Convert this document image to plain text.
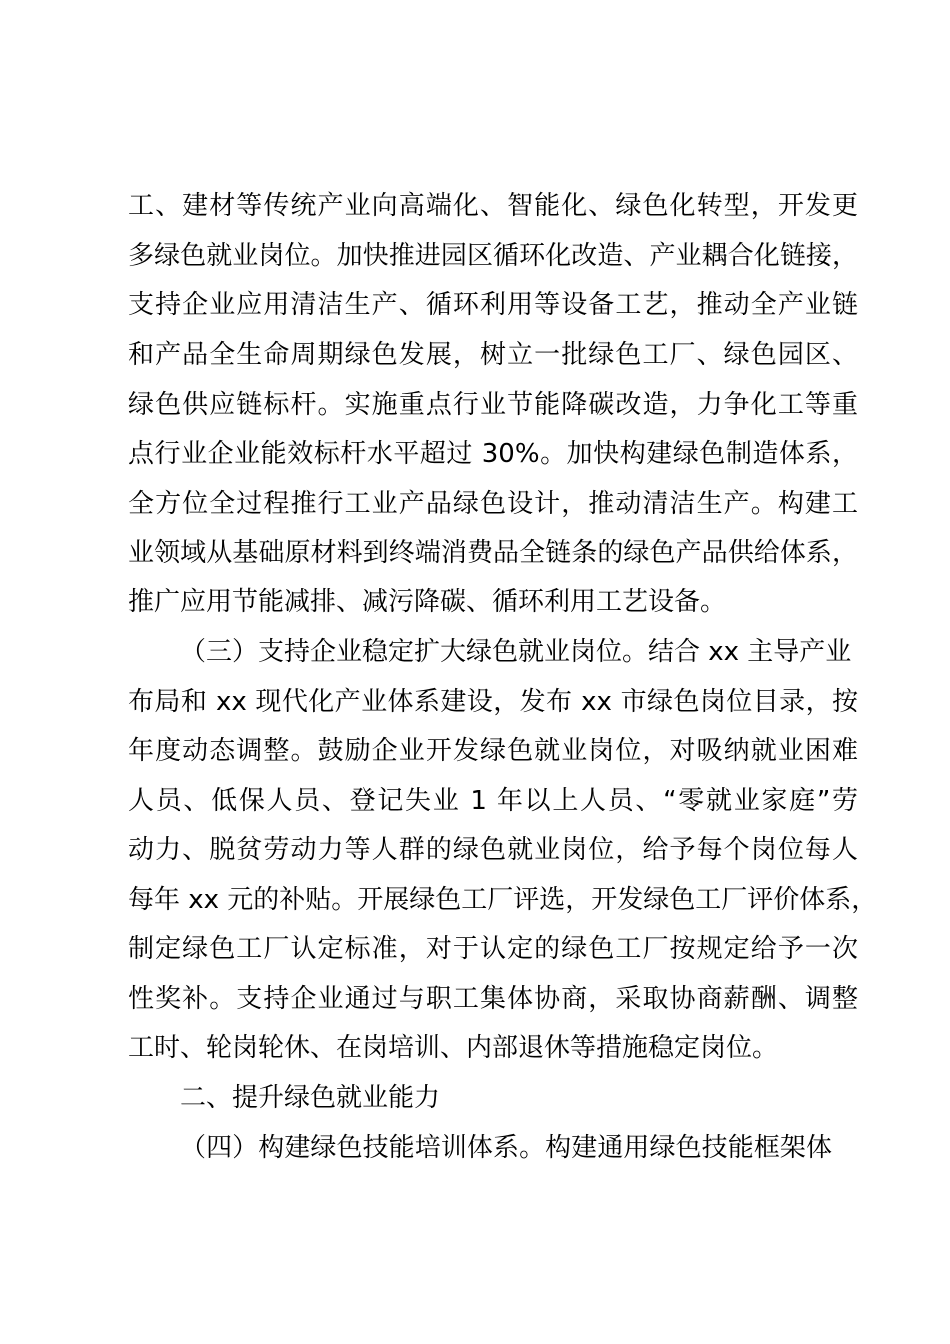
工、建材等传统产业向高端化、智能化、绿色化转型，开发更
多绿色就业岗位。加快推进园区循环化改造、产业耦合化链接，
支持企业应用清洁生产、循环利用等设备工艺，推动全产业链
和产品全生命周期绿色发展，树立一批绿色工厂、绿色园区、
绿色供应链标杆。实施重点行业节能降碳改造，力争化工等重
点行业企业能效标杆水平超过 30%。加快构建绿色制造体系，
全方位全过程推行工业产品绿色设计，推动清洁生产。构建工
业领域从基础原材料到终端消费品全链条的绿色产品供给体系，
推广应用节能减排、减污降碳、循环利用工艺设备。
（三）支持企业稳定扩大绿色就业岗位。结合 xx 主导产业
布局和 xx 现代化产业体系建设，发布 xx 市绿色岗位目录，按
年度动态调整。鼓励企业开发绿色就业岗位，对吸纳就业困难
人员、低保人员、登记失业 1 年以上人员、“零就业家庭”劳
动力、脱贫劳动力等人群的绿色就业岗位，给予每个岗位每人
每年 xx 元的补贴。开展绿色工厂评选，开发绿色工厂评价体系，
制定绿色工厂认定标准，对于认定的绿色工厂按规定给予一次
性奖补。支持企业通过与职工集体协商，采取协商薪酬、调整
工时、轮岗轮休、在岗培训、内部退休等措施稳定岗位。
二、提升绿色就业能力
（四）构建绿色技能培训体系。构建通用绿色技能框架体
